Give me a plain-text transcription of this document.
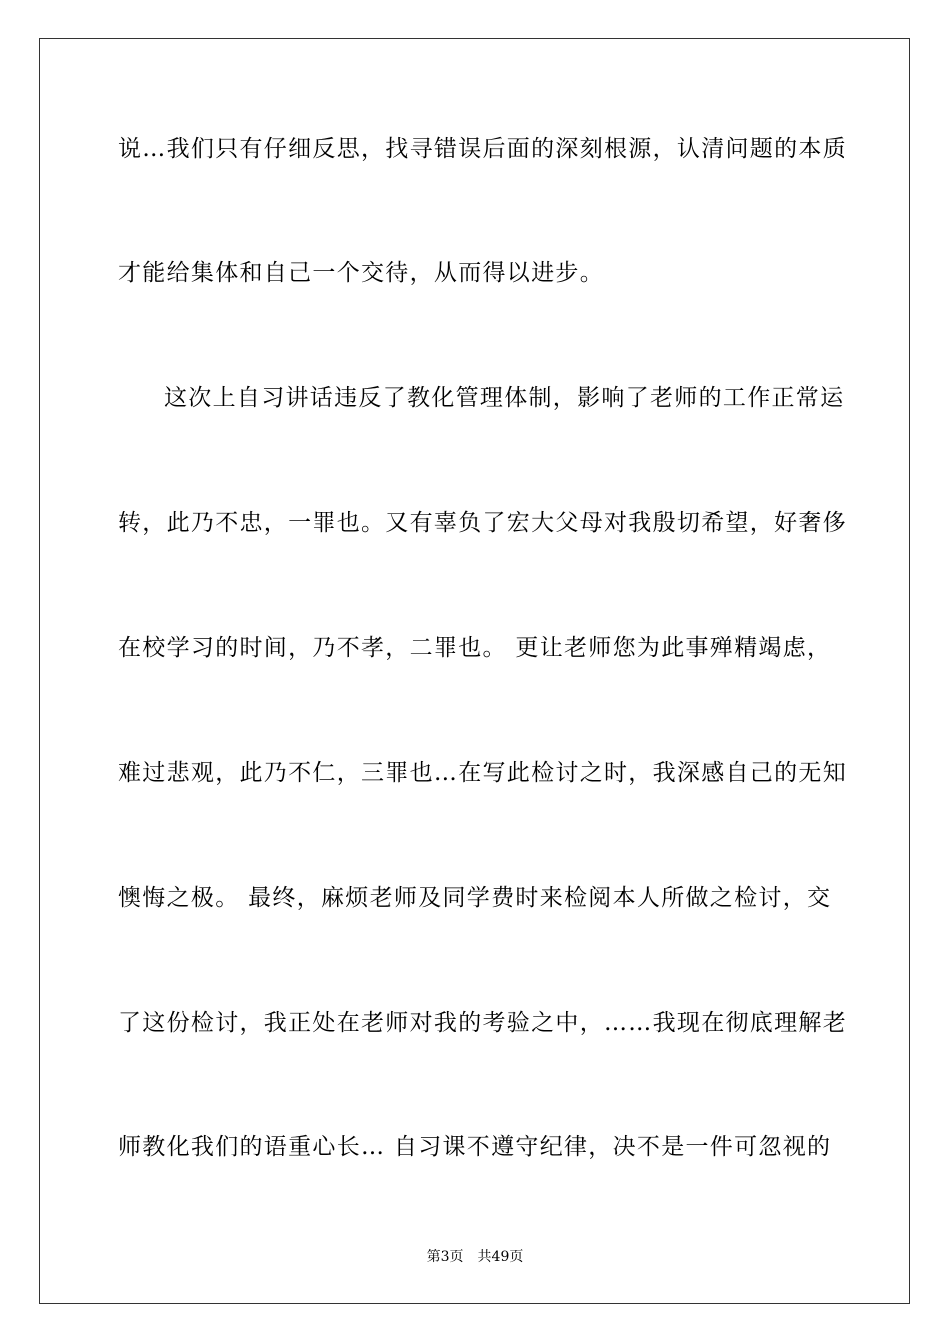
说…我们只有仔细反思，找寻错误后面的深刻根源，认清问题的本质
才能给集体和自己一个交待，从而得以进步。
这次上自习讲话违反了教化管理体制，影响了老师的工作正常运
转，此乃不忠，一罪也。又有辜负了宏大父母对我殷切希望，好奢侈
在校学习的时间，乃不孝，二罪也。 更让老师您为此事殚精竭虑，
难过悲观，此乃不仁，三罪也…在写此检讨之时，我深感自己的无知
懊悔之极。 最终，麻烦老师及同学费时来检阅本人所做之检讨，交
了这份检讨，我正处在老师对我的考验之中，……我现在彻底理解老
师教化我们的语重心长… 自习课不遵守纪律，决不是一件可忽视的
第3页 共49页
